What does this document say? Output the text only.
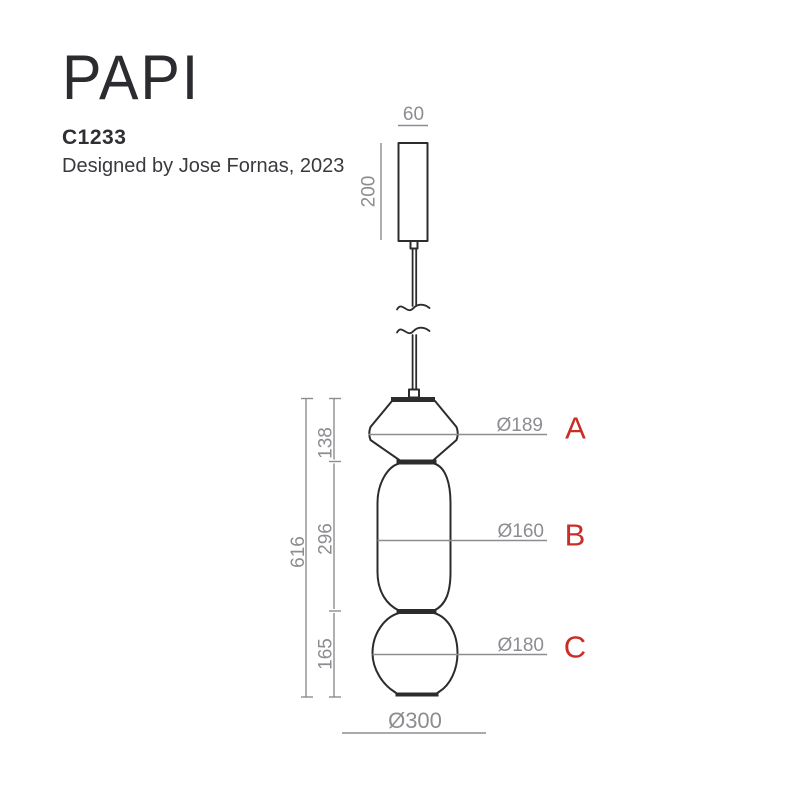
PAPI
C1233
Designed by Jose Fornas, 2023
60
200
616
138
296
165
Ø189 A
Ø160 B
Ø180 C
Ø300
